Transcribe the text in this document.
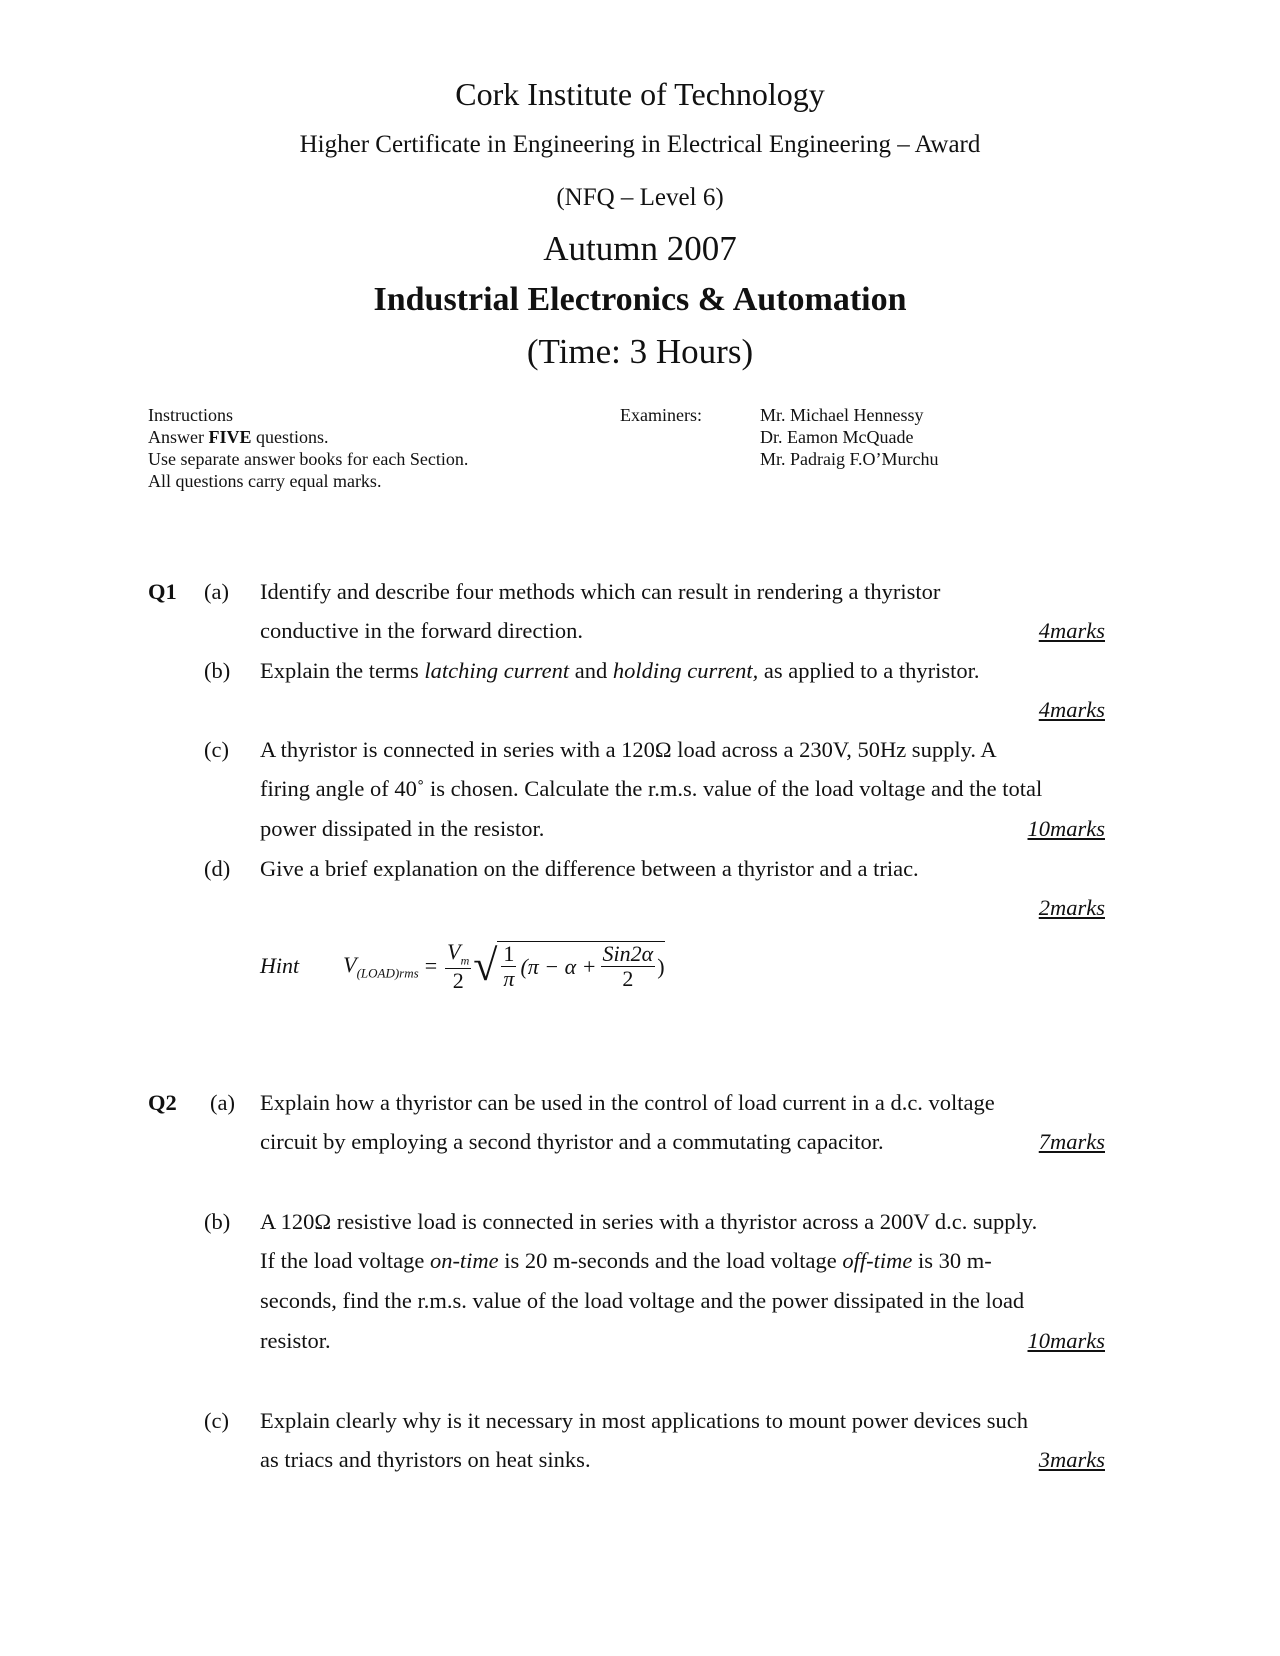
Cork Institute of Technology
Higher Certificate in Engineering in Electrical Engineering – Award
(NFQ – Level 6)
Autumn 2007
Industrial Electronics & Automation
(Time: 3 Hours)
Instructions
Answer FIVE questions.
Use separate answer books for each Section.
All questions carry equal marks.
Examiners:	Mr. Michael Hennessy
Dr. Eamon McQuade
Mr. Padraig F.O’Murchu
Q1 (a) Identify and describe four methods which can result in rendering a thyristor
conductive in the forward direction.	4marks
(b) Explain the terms latching current and holding current, as applied to a thyristor.
4marks
(c) A thyristor is connected in series with a 120Ω load across a 230V, 50Hz supply. A
firing angle of 40˚ is chosen. Calculate the r.m.s. value of the load voltage and the total
power dissipated in the resistor.	10marks
(d) Give a brief explanation on the difference between a thyristor and a triac.
2marks
Hint $V_{(LOAD)rms} = \frac{V_m}{2}$ √ $\frac{1}{\pi} (\pi - \alpha + \frac{\text{Sin2α}}{2}$ )
Q2 (a) Explain how a thyristor can be used in the control of load current in a d.c. voltage
circuit by employing a second thyristor and a commutating capacitor.	7marks
(b) A 120Ω resistive load is connected in series with a thyristor across a 200V d.c. supply.
If the load voltage on-time is 20 m-seconds and the load voltage off-time is 30 m-
seconds, find the r.m.s. value of the load voltage and the power dissipated in the load
resistor.	10marks
(c) Explain clearly why is it necessary in most applications to mount power devices such
as triacs and thyristors on heat sinks.	3marks
